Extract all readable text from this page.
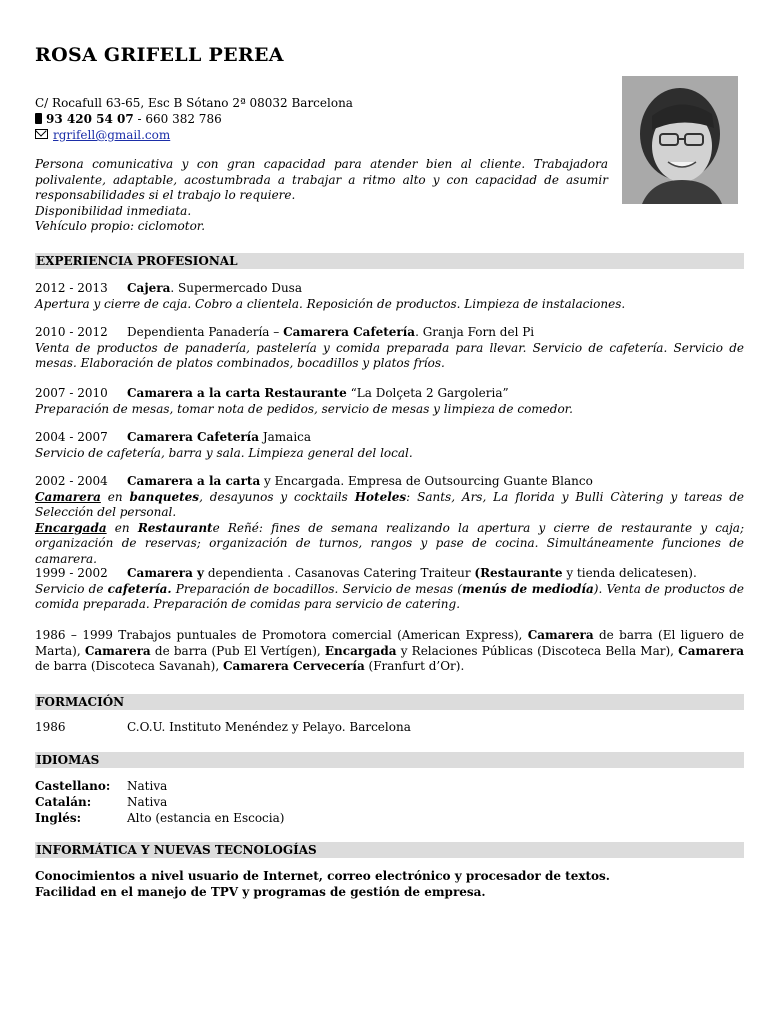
ROSA GRIFELL PEREA
C/ Rocafull 63-65, Esc B Sótano 2ª 08032 Barcelona
93 420 54 07 - 660 382 786
rgrifell@gmail.com

Persona comunicativa y con gran capacidad para atender bien al cliente. Trabajadora polivalente, adaptable, acostumbrada a trabajar a ritmo alto y con capacidad de asumir responsabilidades si el trabajo lo requiere.

Disponibilidad inmediata.

Vehículo propio: ciclomotor.

EXPERIENCIA PROFESIONAL
2012 - 2013 Cajera. Supermercado Dusa

Apertura y cierre de caja. Cobro a clientela. Reposición de productos. Limpieza de instalaciones.

2010 - 2012 Dependienta Panadería – Camarera Cafetería. Granja Forn del Pi

Venta de productos de panadería, pastelería y comida preparada para llevar. Servicio de cafetería. Servicio de mesas. Elaboración de platos combinados, bocadillos y platos fríos.

2007 - 2010 Camarera a la carta Restaurante “La Dolçeta 2 Gargoleria”

Preparación de mesas, tomar nota de pedidos, servicio de mesas y limpieza de comedor.

2004 - 2007 Camarera Cafetería Jamaica

Servicio de cafetería, barra y sala. Limpieza general del local.

2002 - 2004 Camarera a la carta y Encargada. Empresa de Outsourcing Guante Blanco

Camarera en banquetes, desayunos y cocktails Hoteles: Sants, Ars, La florida y Bulli Càtering y tareas de Selección del personal.

Encargada en Restaurante Reñé: fines de semana realizando la apertura y cierre de restaurante y caja; organización de reservas; organización de turnos, rangos y pase de cocina. Simultáneamente funciones de camarera.

1999 - 2002 Camarera y dependienta . Casanovas Catering Traiteur (Restaurante y tienda delicatesen).

Servicio de cafetería. Preparación de bocadillos. Servicio de mesas (menús de mediodía). Venta de productos de comida preparada. Preparación de comidas para servicio de catering.

1986 – 1999 Trabajos puntuales de Promotora comercial (American Express), Camarera de barra (El liguero de Marta), Camarera de barra (Pub El Vertígen), Encargada y Relaciones Públicas (Discoteca Bella Mar), Camarera de barra (Discoteca Savanah), Camarera Cervecería (Franfurt d’Or).

FORMACIÓN
1986	C.O.U. Instituto Menéndez y Pelayo. Barcelona
IDIOMAS
Castellano: Nativa
Catalán:	Nativa
Inglés:	Alto (estancia en Escocia)
INFORMÁTICA Y NUEVAS TECNOLOGÍAS
Conocimientos a nivel usuario de Internet, correo electrónico y procesador de textos.
Facilidad en el manejo de TPV y programas de gestión de empresa.
